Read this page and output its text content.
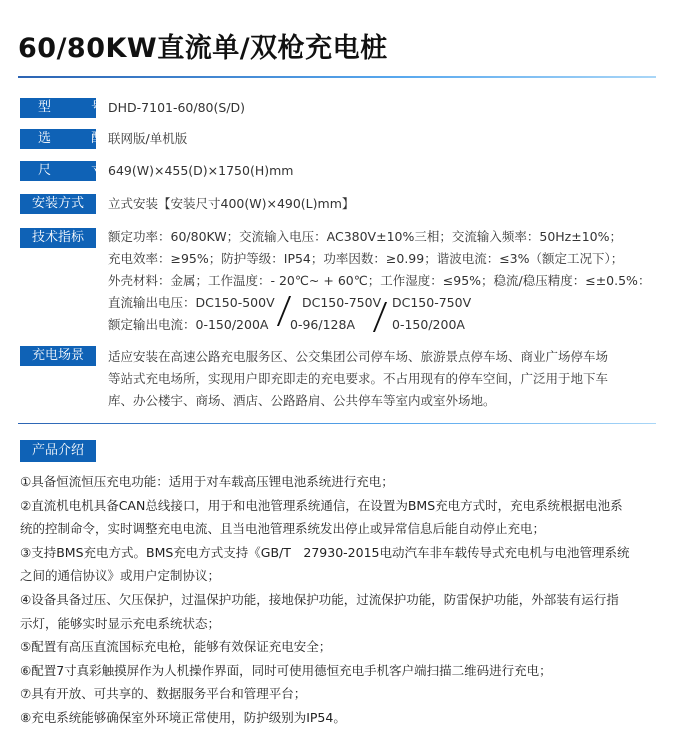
60/80KW直流单/双枪充电桩
型 号
DHD-7101-60/80(S/D)
选 配
联网版/单机版
尺 寸
649(W)×455(D)×1750(H)mm
安装方式	立式安装【安装尺寸400(W)×490(L)mm】
技术指标	额定功率：60/80KW；交流输入电压：AC380V±10%三相；交流输入频率：50Hz±10%；
充电效率：≥95%；防护等级：IP54；功率因数：≥0.99；谐波电流：≤3%（额定工况下）；
外壳材料：金属；工作温度：- 20℃~ + 60℃；工作湿度：≤95%；稳流/稳压精度：≤±0.5%：
直流输出电压：DC150-500V DC150-750V DC150-750V
额定输出电流：0-150/200A 0-96/128A	0-150/200A
充电场景	适应安装在高速公路充电服务区、公交集团公司停车场、旅游景点停车场、商业广场停车场
等站式充电场所，实现用户即充即走的充电要求。不占用现有的停车空间，广泛用于地下车
库、办公楼宇、商场、酒店、公路路肩、公共停车等室内或室外场地。
产品介绍
①具备恒流恒压充电功能：适用于对车载高压锂电池系统进行充电；
②直流机电机具备CAN总线接口，用于和电池管理系统通信，在设置为BMS充电方式时，充电系统根据电池系
统的控制命令，实时调整充电电流、且当电池管理系统发出停止或异常信息后能自动停止充电；
③支持BMS充电方式。BMS充电方式支持《GB/T　27930-2015电动汽车非车载传导式充电机与电池管理系统
之间的通信协议》或用户定制协议；
④设备具备过压、欠压保护，过温保护功能，接地保护功能，过流保护功能，防雷保护功能，外部装有运行指
示灯，能够实时显示充电系统状态；
⑤配置有高压直流国标充电枪，能够有效保证充电安全；
⑥配置7寸真彩触摸屏作为人机操作界面，同时可使用德恒充电手机客户端扫描二维码进行充电；
⑦具有开放、可共享的、数据服务平台和管理平台；
⑧充电系统能够确保室外环境正常使用，防护级别为IP54。
